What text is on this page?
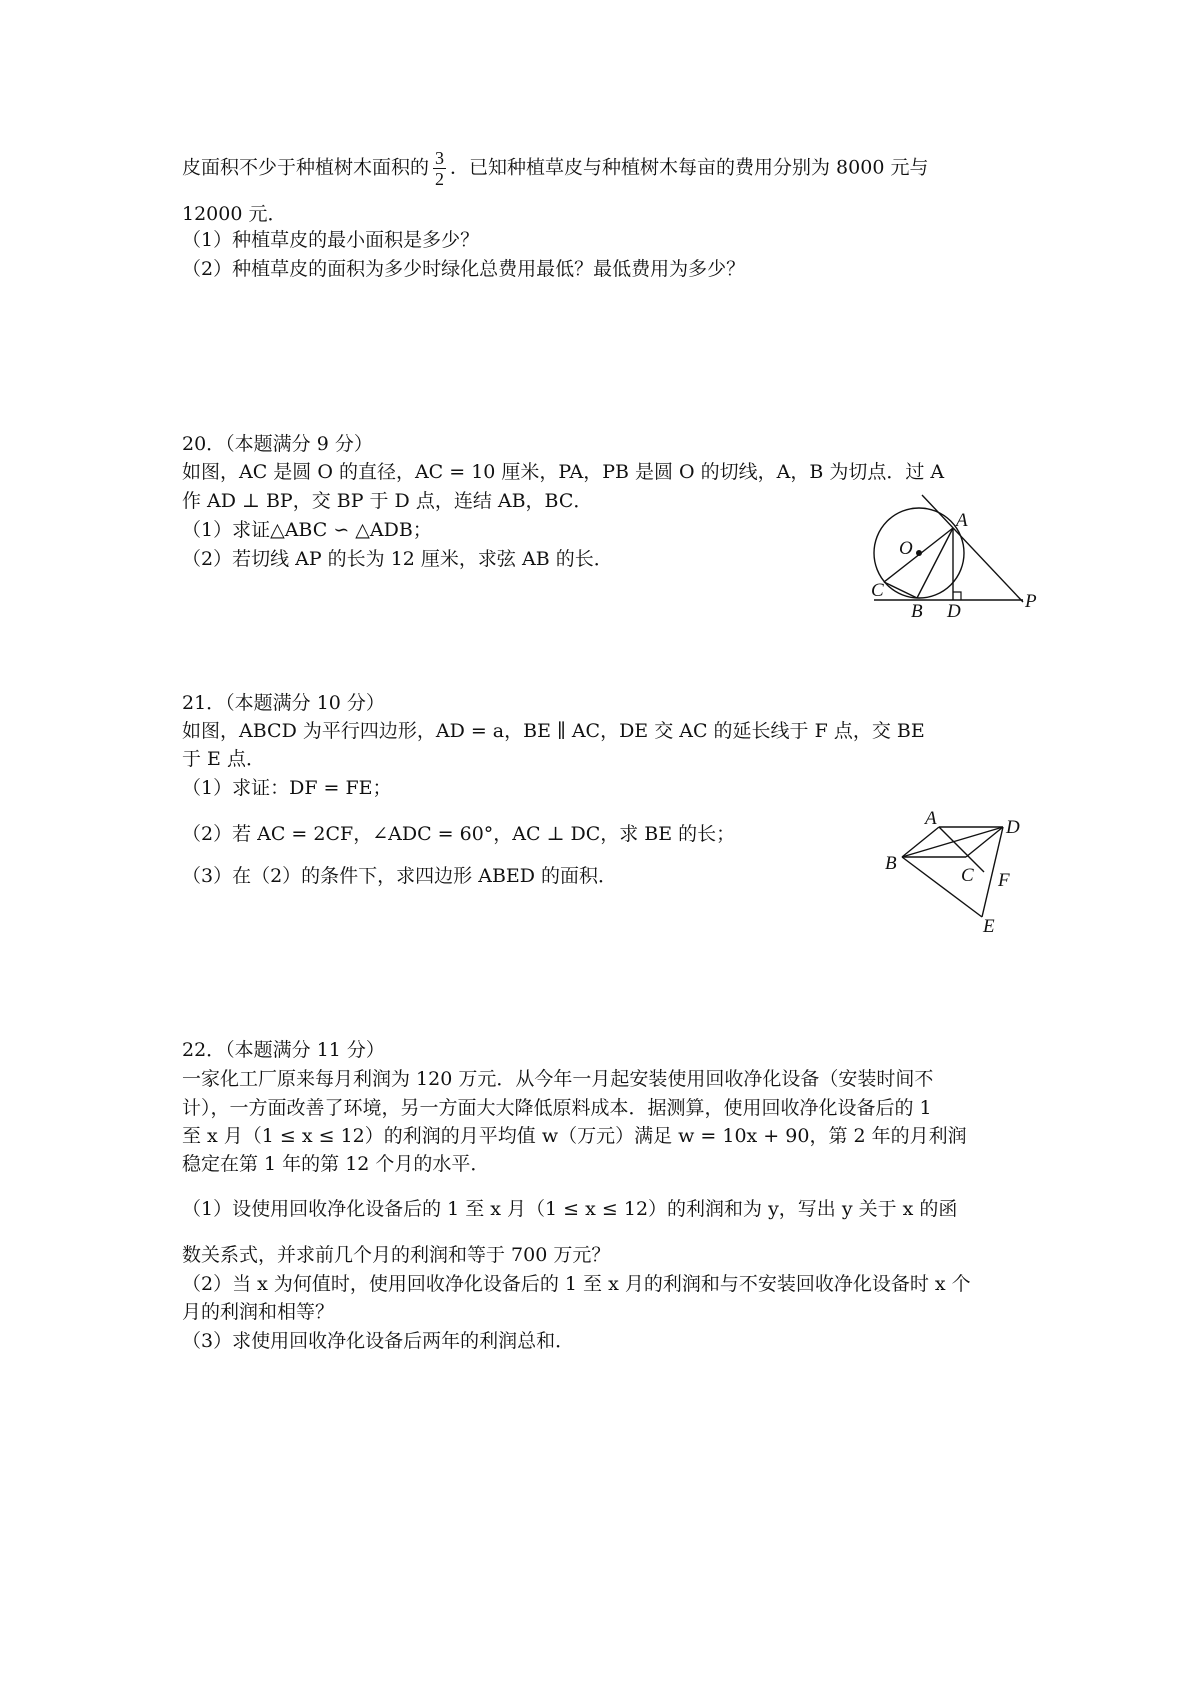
皮面积不少于种植树木面积的 $\frac{3}{2}$ ．已知种植草皮与种植树木每亩的费用分别为 8000 元与
12000 元．
（1）种植草皮的最小面积是多少？
（2）种植草皮的面积为多少时绿化总费用最低？最低费用为多少？
20．（本题满分 9 分）
如图，AC 是圆 O 的直径，AC = 10 厘米，PA，PB 是圆 O 的切线，A，B 为切点．过 A
作 AD ⊥ BP，交 BP 于 D 点，连结 AB，BC．
（1）求证△ABC ∽ △ADB；
（2）若切线 AP 的长为 12 厘米，求弦 AB 的长．
A
O
C
B D	P
21．（本题满分 10 分）
如图，ABCD 为平行四边形，AD = a，BE ∥ AC，DE 交 AC 的延长线于 F 点，交 BE
于 E 点．
（1）求证：DF = FE；
（2）若 AC = 2CF，∠ADC = 60°，AC ⊥ DC，求 BE 的长；
（3）在（2）的条件下，求四边形 ABED 的面积．
A	D
B
C F
E
22．（本题满分 11 分）
一家化工厂原来每月利润为 120 万元．从今年一月起安装使用回收净化设备（安装时间不
计），一方面改善了环境，另一方面大大降低原料成本．据测算，使用回收净化设备后的 1
至 x 月（1 ≤ x ≤ 12）的利润的月平均值 w（万元）满足 w = 10x + 90，第 2 年的月利润
稳定在第 1 年的第 12 个月的水平．
（1）设使用回收净化设备后的 1 至 x 月（1 ≤ x ≤ 12）的利润和为 y，写出 y 关于 x 的函
数关系式，并求前几个月的利润和等于 700 万元？
（2）当 x 为何值时，使用回收净化设备后的 1 至 x 月的利润和与不安装回收净化设备时 x 个
月的利润和相等？
（3）求使用回收净化设备后两年的利润总和．
